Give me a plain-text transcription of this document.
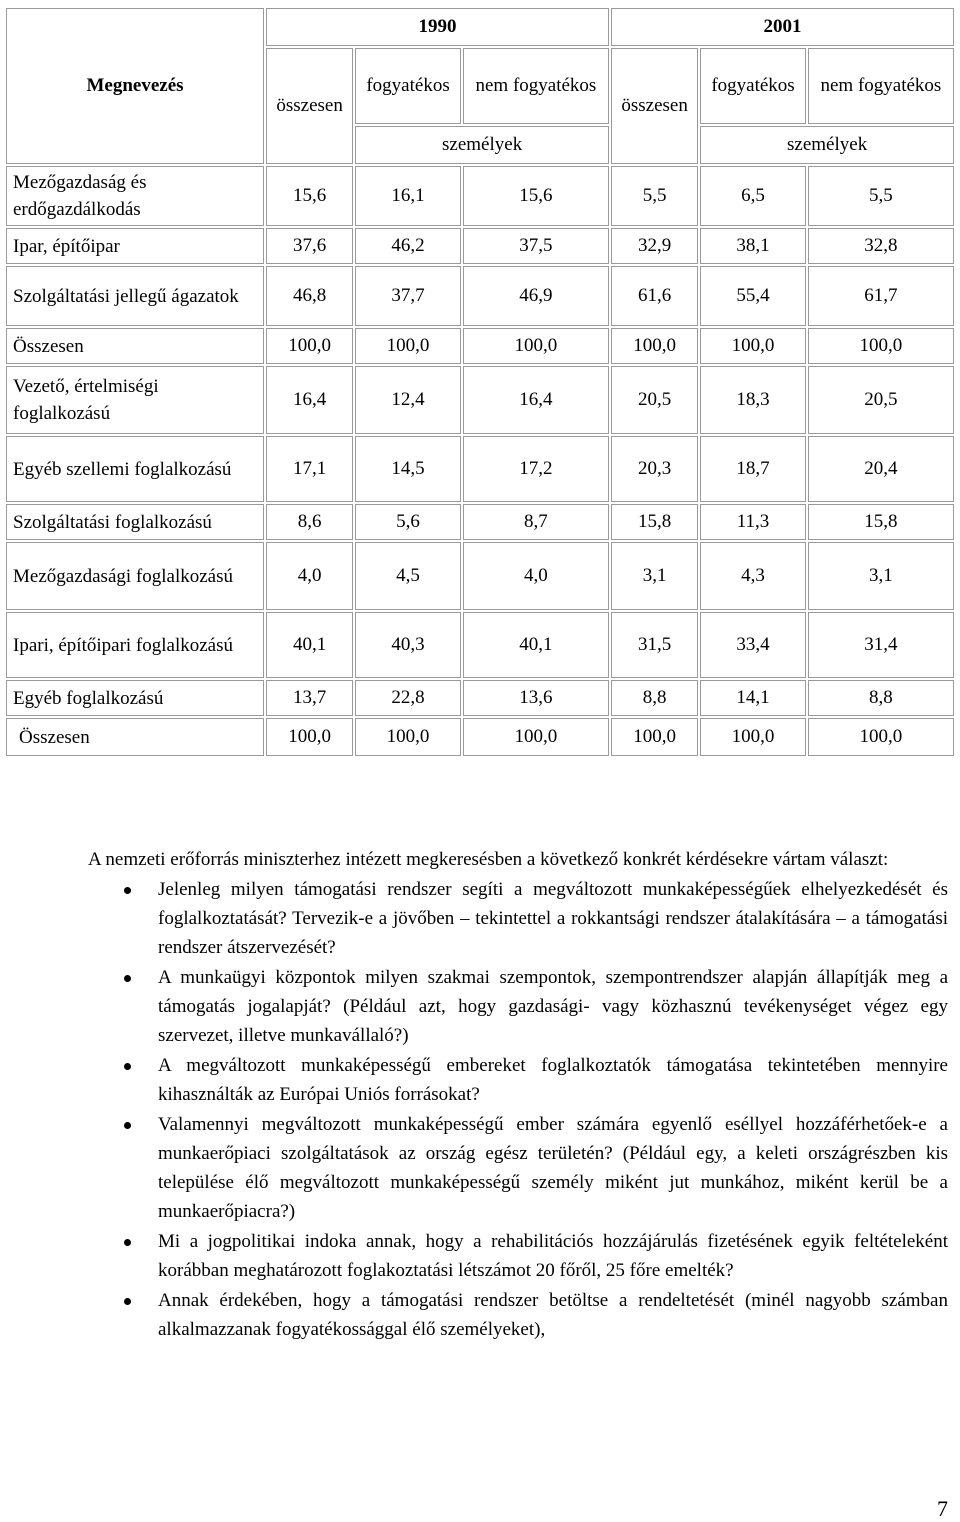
Megnevezés	1990			2001		
	összesen	fogyatékos	nem fogyatékos	összesen	fogyatékos	nem fogyatékos
		személyek			személyek	
Mezőgazdaság és erdőgazdálkodás	15,6	16,1	15,6	5,5	6,5	5,5
Ipar, építőipar	37,6	46,2	37,5	32,9	38,1	32,8
Szolgáltatási jellegű ágazatok	46,8	37,7	46,9	61,6	55,4	61,7
Összesen	100,0	100,0	100,0	100,0	100,0	100,0
Vezető, értelmiségi foglalkozású	16,4	12,4	16,4	20,5	18,3	20,5
Egyéb szellemi foglalkozású	17,1	14,5	17,2	20,3	18,7	20,4
Szolgáltatási foglalkozású	8,6	5,6	8,7	15,8	11,3	15,8
Mezőgazdasági foglalkozású	4,0	4,5	4,0	3,1	4,3	3,1
Ipari, építőipari foglalkozású	40,1	40,3	40,1	31,5	33,4	31,4
Egyéb foglalkozású	13,7	22,8	13,6	8,8	14,1	8,8
Összesen	100,0	100,0	100,0	100,0	100,0	100,0

A nemzeti erőforrás miniszterhez intézett megkeresésben a következő konkrét kérdésekre vártam választ:

Jelenleg milyen támogatási rendszer segíti a megváltozott munkaképességűek elhelyezkedését és foglalkoztatását? Tervezik-e a jövőben – tekintettel a rokkantsági rendszer átalakítására – a támogatási rendszer átszervezését?
A munkaügyi központok milyen szakmai szempontok, szempontrendszer alapján állapítják meg a támogatás jogalapját? (Például azt, hogy gazdasági- vagy közhasznú tevékenységet végez egy szervezet, illetve munkavállaló?)
A megváltozott munkaképességű embereket foglalkoztatók támogatása tekintetében mennyire kihasználták az Európai Uniós forrásokat?
Valamennyi megváltozott munkaképességű ember számára egyenlő eséllyel hozzáférhetőek-e a munkaerőpiaci szolgáltatások az ország egész területén? (Például egy, a keleti országrészben kis települése élő megváltozott munkaképességű személy miként jut munkához, miként kerül be a munkaerőpiacra?)
Mi a jogpolitikai indoka annak, hogy a rehabilitációs hozzájárulás fizetésének egyik feltételeként korábban meghatározott foglakoztatási létszámot 20 főről, 25 főre emelték?
Annak érdekében, hogy a támogatási rendszer betöltse a rendeltetését (minél nagyobb számban alkalmazzanak fogyatékossággal élő személyeket),
7
